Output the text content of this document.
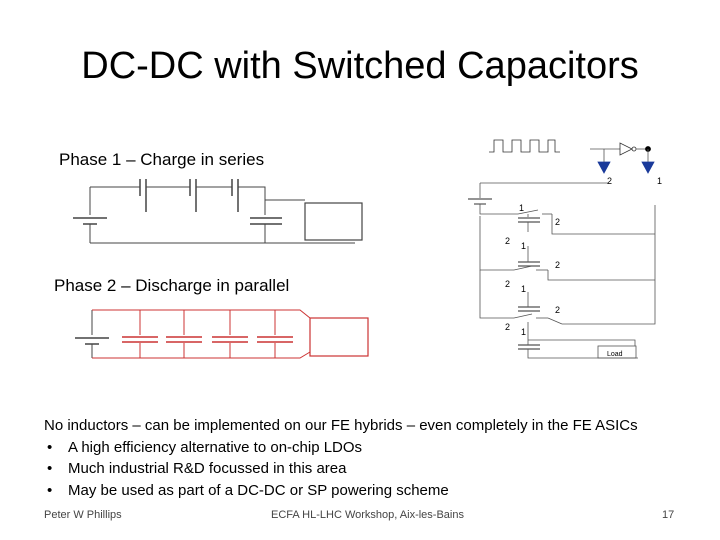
DC-DC with Switched Capacitors
Phase 1 – Charge in series
Phase 2 – Discharge in parallel
2	1
1
2
2 1
2
2 1
2
2 1
Load
No inductors – can be implemented on our FE hybrids – even completely in the FE ASICs
• A high efficiency alternative to on-chip LDOs
• Much industrial R&D focussed in this area
• May be used as part of a DC-DC or SP powering scheme
Peter W Phillips	ECFA HL-LHC Workshop, Aix-les-Bains	17
